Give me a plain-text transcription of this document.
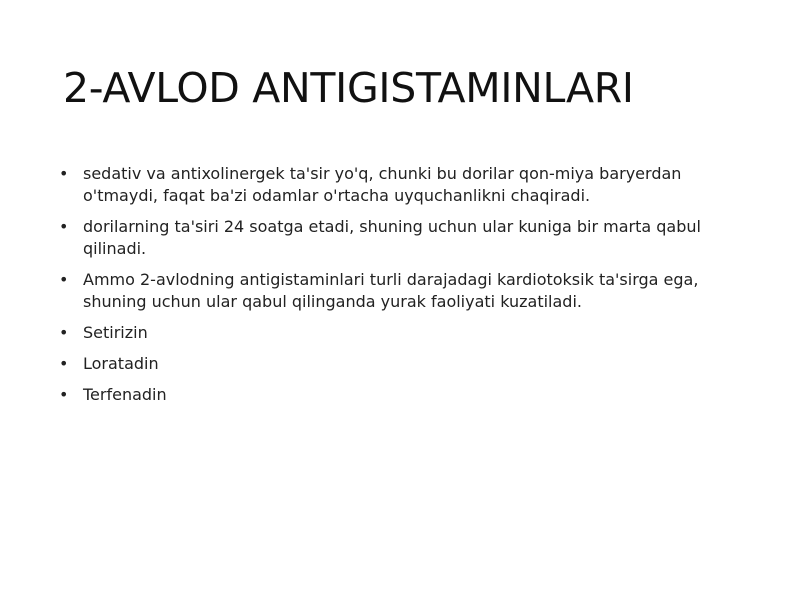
2-AVLOD ANTIGISTAMINLARI
• sedativ va antixolinergek ta'sir yo'q, chunki bu dorilar qon-miya baryerdan o'tmaydi, faqat ba'zi odamlar o'rtacha uyquchanlikni chaqiradi.
• dorilarning ta'siri 24 soatga etadi, shuning uchun ular kuniga bir marta qabul qilinadi.
• Ammo 2-avlodning antigistaminlari turli darajadagi kardiotoksik ta'sirga ega, shuning uchun ular qabul qilinganda yurak faoliyati kuzatiladi.
• Setirizin
• Loratadin
• Terfenadin
